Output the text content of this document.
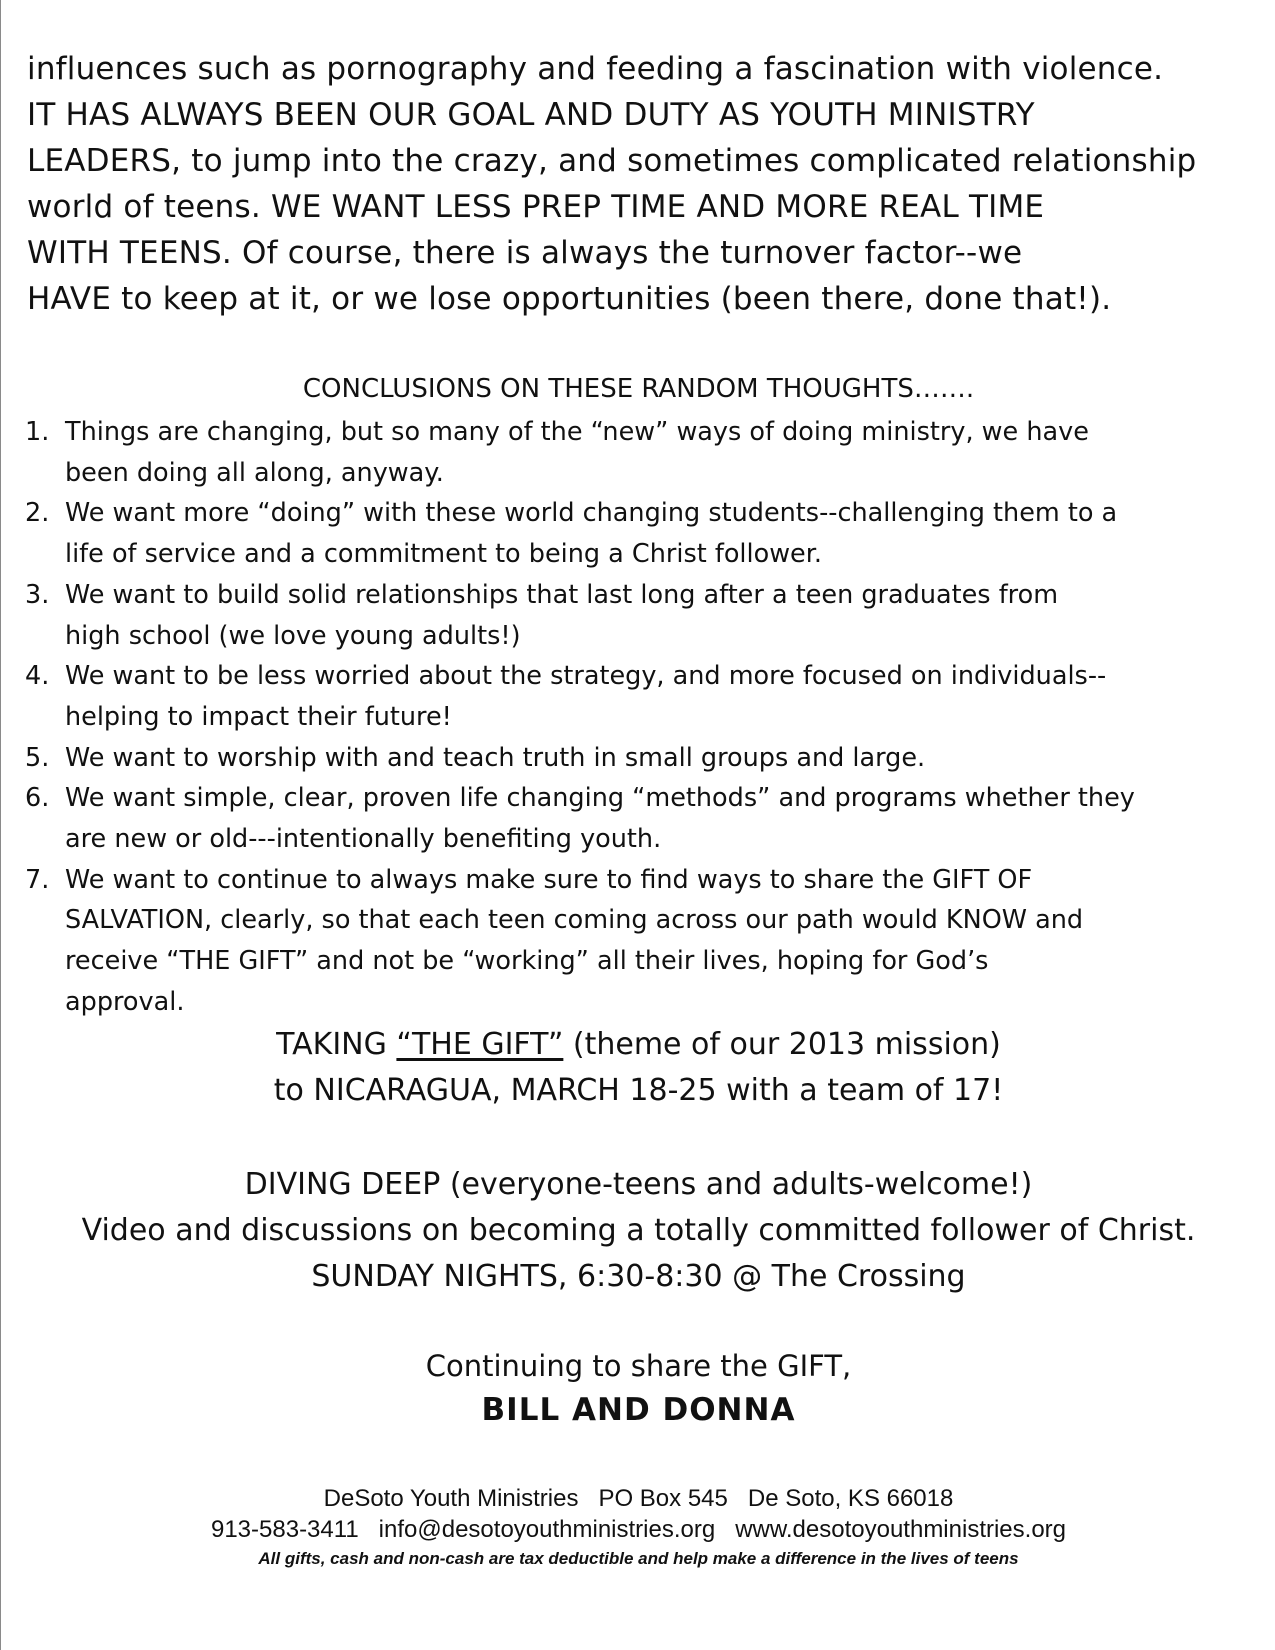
influences such as pornography and feeding a fascination with violence.
IT HAS ALWAYS BEEN OUR GOAL AND DUTY AS YOUTH MINISTRY
LEADERS, to jump into the crazy, and sometimes complicated relationship
world of teens. WE WANT LESS PREP TIME AND MORE REAL TIME
WITH TEENS. Of course, there is always the turnover factor--we
HAVE to keep at it, or we lose opportunities (been there, done that!).
CONCLUSIONS ON THESE RANDOM THOUGHTS…….
1. Things are changing, but so many of the “new” ways of doing ministry, we have
been doing all along, anyway.
2. We want more “doing” with these world changing students--challenging them to a
life of service and a commitment to being a Christ follower.
3. We want to build solid relationships that last long after a teen graduates from
high school (we love young adults!)
4. We want to be less worried about the strategy, and more focused on individuals--
helping to impact their future!
5. We want to worship with and teach truth in small groups and large.
6. We want simple, clear, proven life changing “methods” and programs whether they
are new or old---intentionally benefiting youth.
7. We want to continue to always make sure to find ways to share the GIFT OF
SALVATION, clearly, so that each teen coming across our path would KNOW and
receive “THE GIFT” and not be “working” all their lives, hoping for God’s
approval.
TAKING “THE GIFT” (theme of our 2013 mission)
to NICARAGUA, MARCH 18-25 with a team of 17!
DIVING DEEP (everyone-teens and adults-welcome!)
Video and discussions on becoming a totally committed follower of Christ.
SUNDAY NIGHTS, 6:30-8:30 @ The Crossing
Continuing to share the GIFT,
BILL AND DONNA
DeSoto Youth Ministries PO Box 545 De Soto, KS 66018
913-583-3411 info@desotoyouthministries.org www.desotoyouthministries.org
All gifts, cash and non-cash are tax deductible and help make a difference in the lives of teens
